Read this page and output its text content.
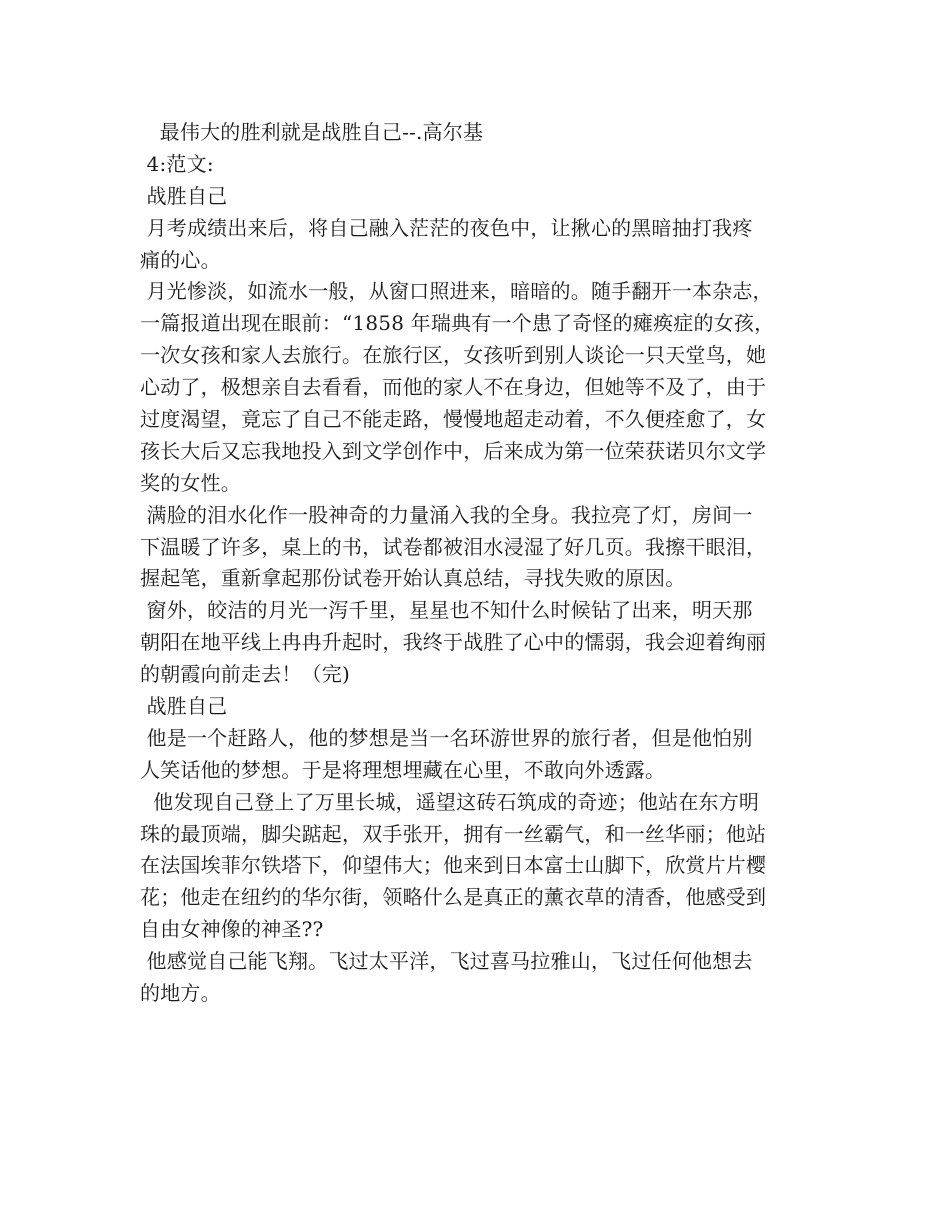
最伟大的胜利就是战胜自己--.高尔基
4:范文:
战胜自己
月考成绩出来后，将自己融入茫茫的夜色中，让揪心的黑暗抽打我疼
痛的心。
月光惨淡，如流水一般，从窗口照进来，暗暗的。随手翻开一本杂志，
一篇报道出现在眼前：“1858 年瑞典有一个患了奇怪的瘫痪症的女孩，
一次女孩和家人去旅行。在旅行区，女孩听到别人谈论一只天堂鸟，她
心动了，极想亲自去看看，而他的家人不在身边，但她等不及了，由于
过度渴望，竟忘了自己不能走路，慢慢地超走动着，不久便痊愈了，女
孩长大后又忘我地投入到文学创作中，后来成为第一位荣获诺贝尔文学
奖的女性。
满脸的泪水化作一股神奇的力量涌入我的全身。我拉亮了灯，房间一
下温暖了许多，桌上的书，试卷都被泪水浸湿了好几页。我擦干眼泪，
握起笔，重新拿起那份试卷开始认真总结，寻找失败的原因。
窗外，皎洁的月光一泻千里，星星也不知什么时候钻了出来，明天那
朝阳在地平线上冉冉升起时，我终于战胜了心中的懦弱，我会迎着绚丽
的朝霞向前走去！（完)
战胜自己
他是一个赶路人，他的梦想是当一名环游世界的旅行者，但是他怕别
人笑话他的梦想。于是将理想埋藏在心里，不敢向外透露。
他发现自己登上了万里长城，遥望这砖石筑成的奇迹；他站在东方明
珠的最顶端，脚尖踮起，双手张开，拥有一丝霸气，和一丝华丽；他站
在法国埃菲尔铁塔下，仰望伟大；他来到日本富士山脚下，欣赏片片樱
花；他走在纽约的华尔街，领略什么是真正的薰衣草的清香，他感受到
自由女神像的神圣??
他感觉自己能飞翔。飞过太平洋，飞过喜马拉雅山，飞过任何他想去
的地方。
